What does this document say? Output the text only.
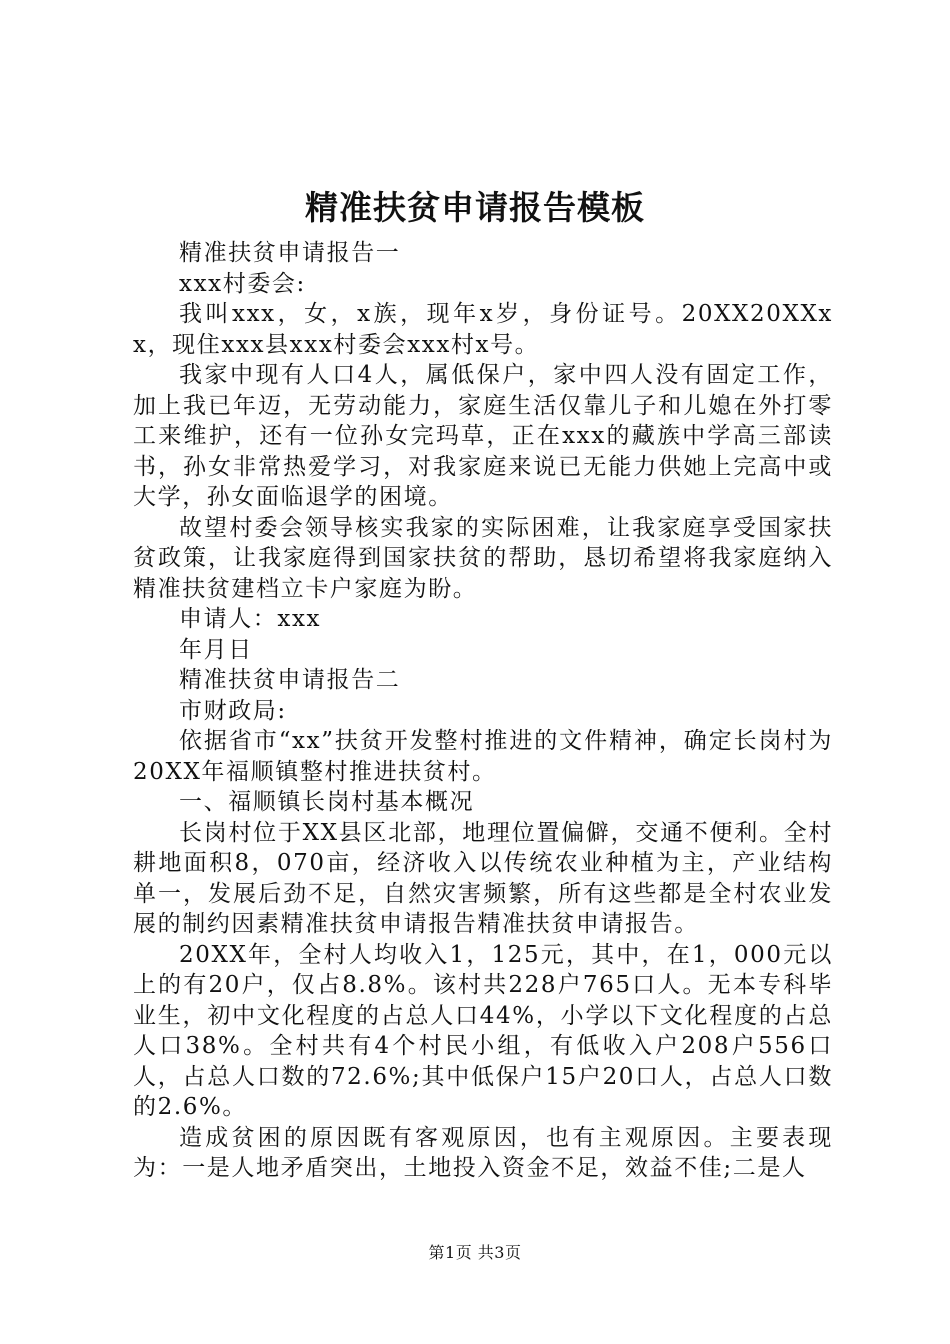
精准扶贫申请报告模板

精准扶贫申请报告一

xxx村委会:

我叫xxx，女，x族，现年x岁，身份证号。20XX20XXxx，现住xxx县xxx村委会xxx村x号。

我家中现有人口4人，属低保户，家中四人没有固定工作，加上我已年迈，无劳动能力，家庭生活仅靠儿子和儿媳在外打零工来维护，还有一位孙女完玛草，正在xxx的藏族中学高三部读书，孙女非常热爱学习，对我家庭来说已无能力供她上完高中或大学，孙女面临退学的困境。

故望村委会领导核实我家的实际困难，让我家庭享受国家扶贫政策，让我家庭得到国家扶贫的帮助，恳切希望将我家庭纳入精准扶贫建档立卡户家庭为盼。

申请人：xxx

年月日

精准扶贫申请报告二

市财政局:

依据省市“xx”扶贫开发整村推进的文件精神，确定长岗村为20XX年福顺镇整村推进扶贫村。

一、福顺镇长岗村基本概况

长岗村位于XX县区北部，地理位置偏僻，交通不便利。全村耕地面积8，070亩，经济收入以传统农业种植为主，产业结构单一，发展后劲不足，自然灾害频繁，所有这些都是全村农业发展的制约因素精准扶贫申请报告精准扶贫申请报告。

20XX年，全村人均收入1，125元，其中，在1，000元以上的有20户，仅占8.8%。该村共228户765口人。无本专科毕业生，初中文化程度的占总人口44%，小学以下文化程度的占总人口38%。全村共有4个村民小组，有低收入户208户556口人，占总人口数的72.6%;其中低保户15户20口人，占总人口数的2.6%。

造成贫困的原因既有客观原因，也有主观原因。主要表现为：一是人地矛盾突出，土地投入资金不足，效益不佳;二是人

第1页 共3页
